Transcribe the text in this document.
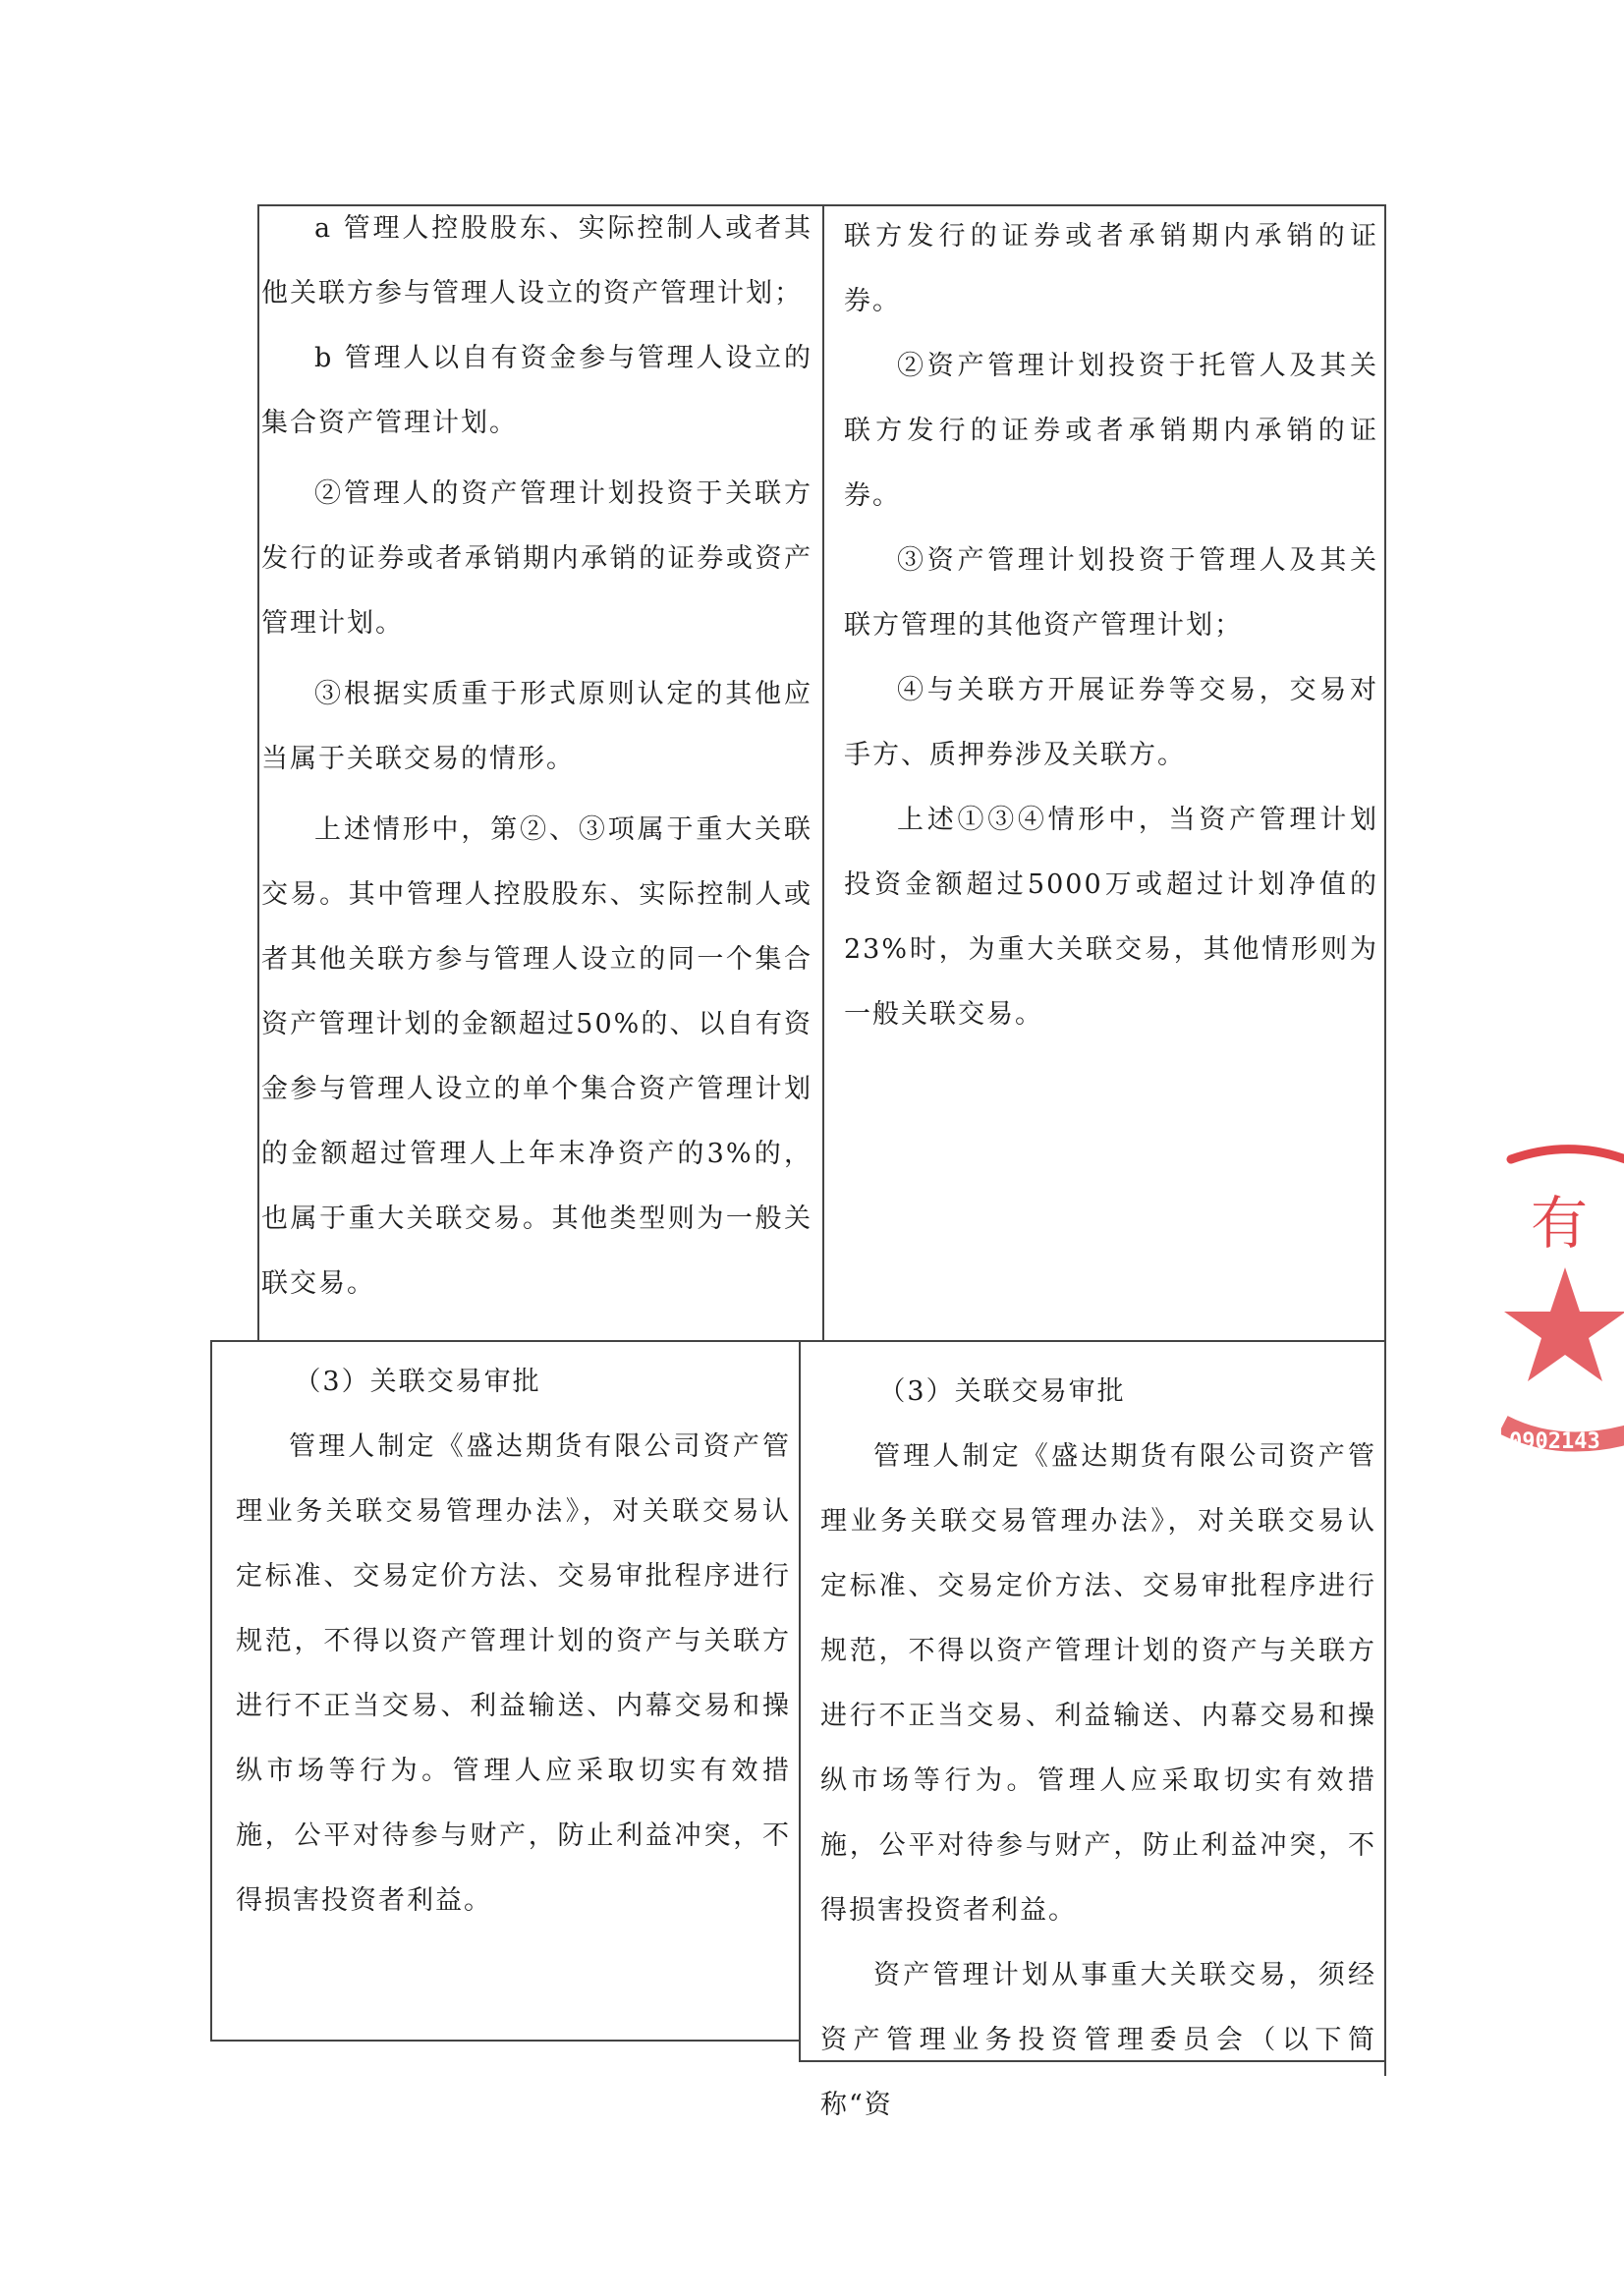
a 管理人控股股东、实际控制人或者其他关联方参与管理人设立的资产管理计划；

b 管理人以自有资金参与管理人设立的集合资产管理计划。

②管理人的资产管理计划投资于关联方发行的证券或者承销期内承销的证券或资产管理计划。

③根据实质重于形式原则认定的其他应当属于关联交易的情形。

上述情形中，第②、③项属于重大关联交易。其中管理人控股股东、实际控制人或者其他关联方参与管理人设立的同一个集合资产管理计划的金额超过50%的、以自有资金参与管理人设立的单个集合资产管理计划的金额超过管理人上年末净资产的3%的，也属于重大关联交易。其他类型则为一般关联交易。

联方发行的证券或者承销期内承销的证券。

②资产管理计划投资于托管人及其关联方发行的证券或者承销期内承销的证券。

③资产管理计划投资于管理人及其关联方管理的其他资产管理计划；

④与关联方开展证券等交易，交易对手方、质押券涉及关联方。

上述①③④情形中，当资产管理计划投资金额超过5000万或超过计划净值的23%时，为重大关联交易，其他情形则为一般关联交易。

（3）关联交易审批

管理人制定《盛达期货有限公司资产管理业务关联交易管理办法》，对关联交易认定标准、交易定价方法、交易审批程序进行规范，不得以资产管理计划的资产与关联方进行不正当交易、利益输送、内幕交易和操纵市场等行为。管理人应采取切实有效措施，公平对待参与财产，防止利益冲突，不得损害投资者利益。

（3）关联交易审批

管理人制定《盛达期货有限公司资产管理业务关联交易管理办法》，对关联交易认定标准、交易定价方法、交易审批程序进行规范，不得以资产管理计划的资产与关联方进行不正当交易、利益输送、内幕交易和操纵市场等行为。管理人应采取切实有效措施，公平对待参与财产，防止利益冲突，不得损害投资者利益。

资产管理计划从事重大关联交易，须经资产管理业务投资管理委员会（以下简称“资

有
0902143
